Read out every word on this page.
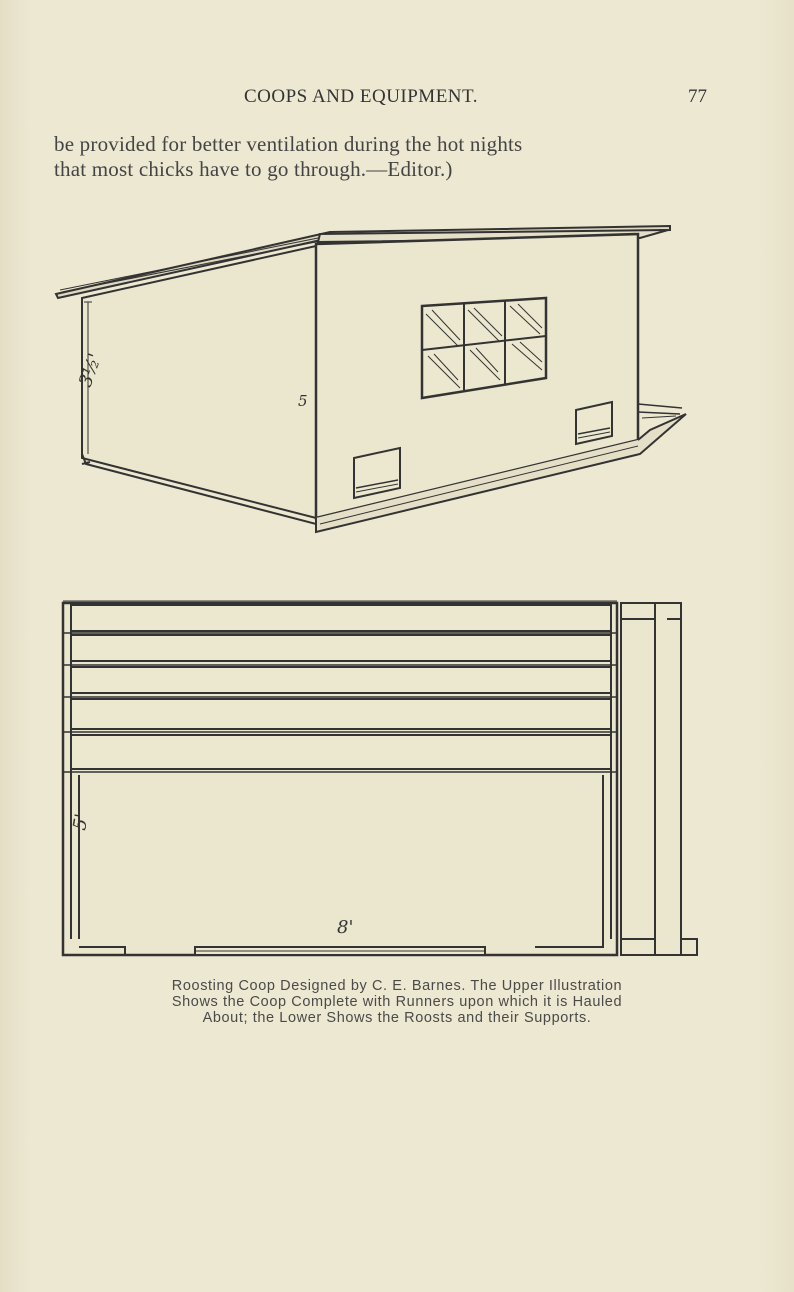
COOPS AND EQUIPMENT.	77
be provided for better ventilation during the hot nights
that most chicks have to go through.—Editor.)
3½'
5
5'
8'
Roosting Coop Designed by C. E. Barnes. The Upper Illustration
Shows the Coop Complete with Runners upon which it is Hauled
About; the Lower Shows the Roosts and their Supports.
